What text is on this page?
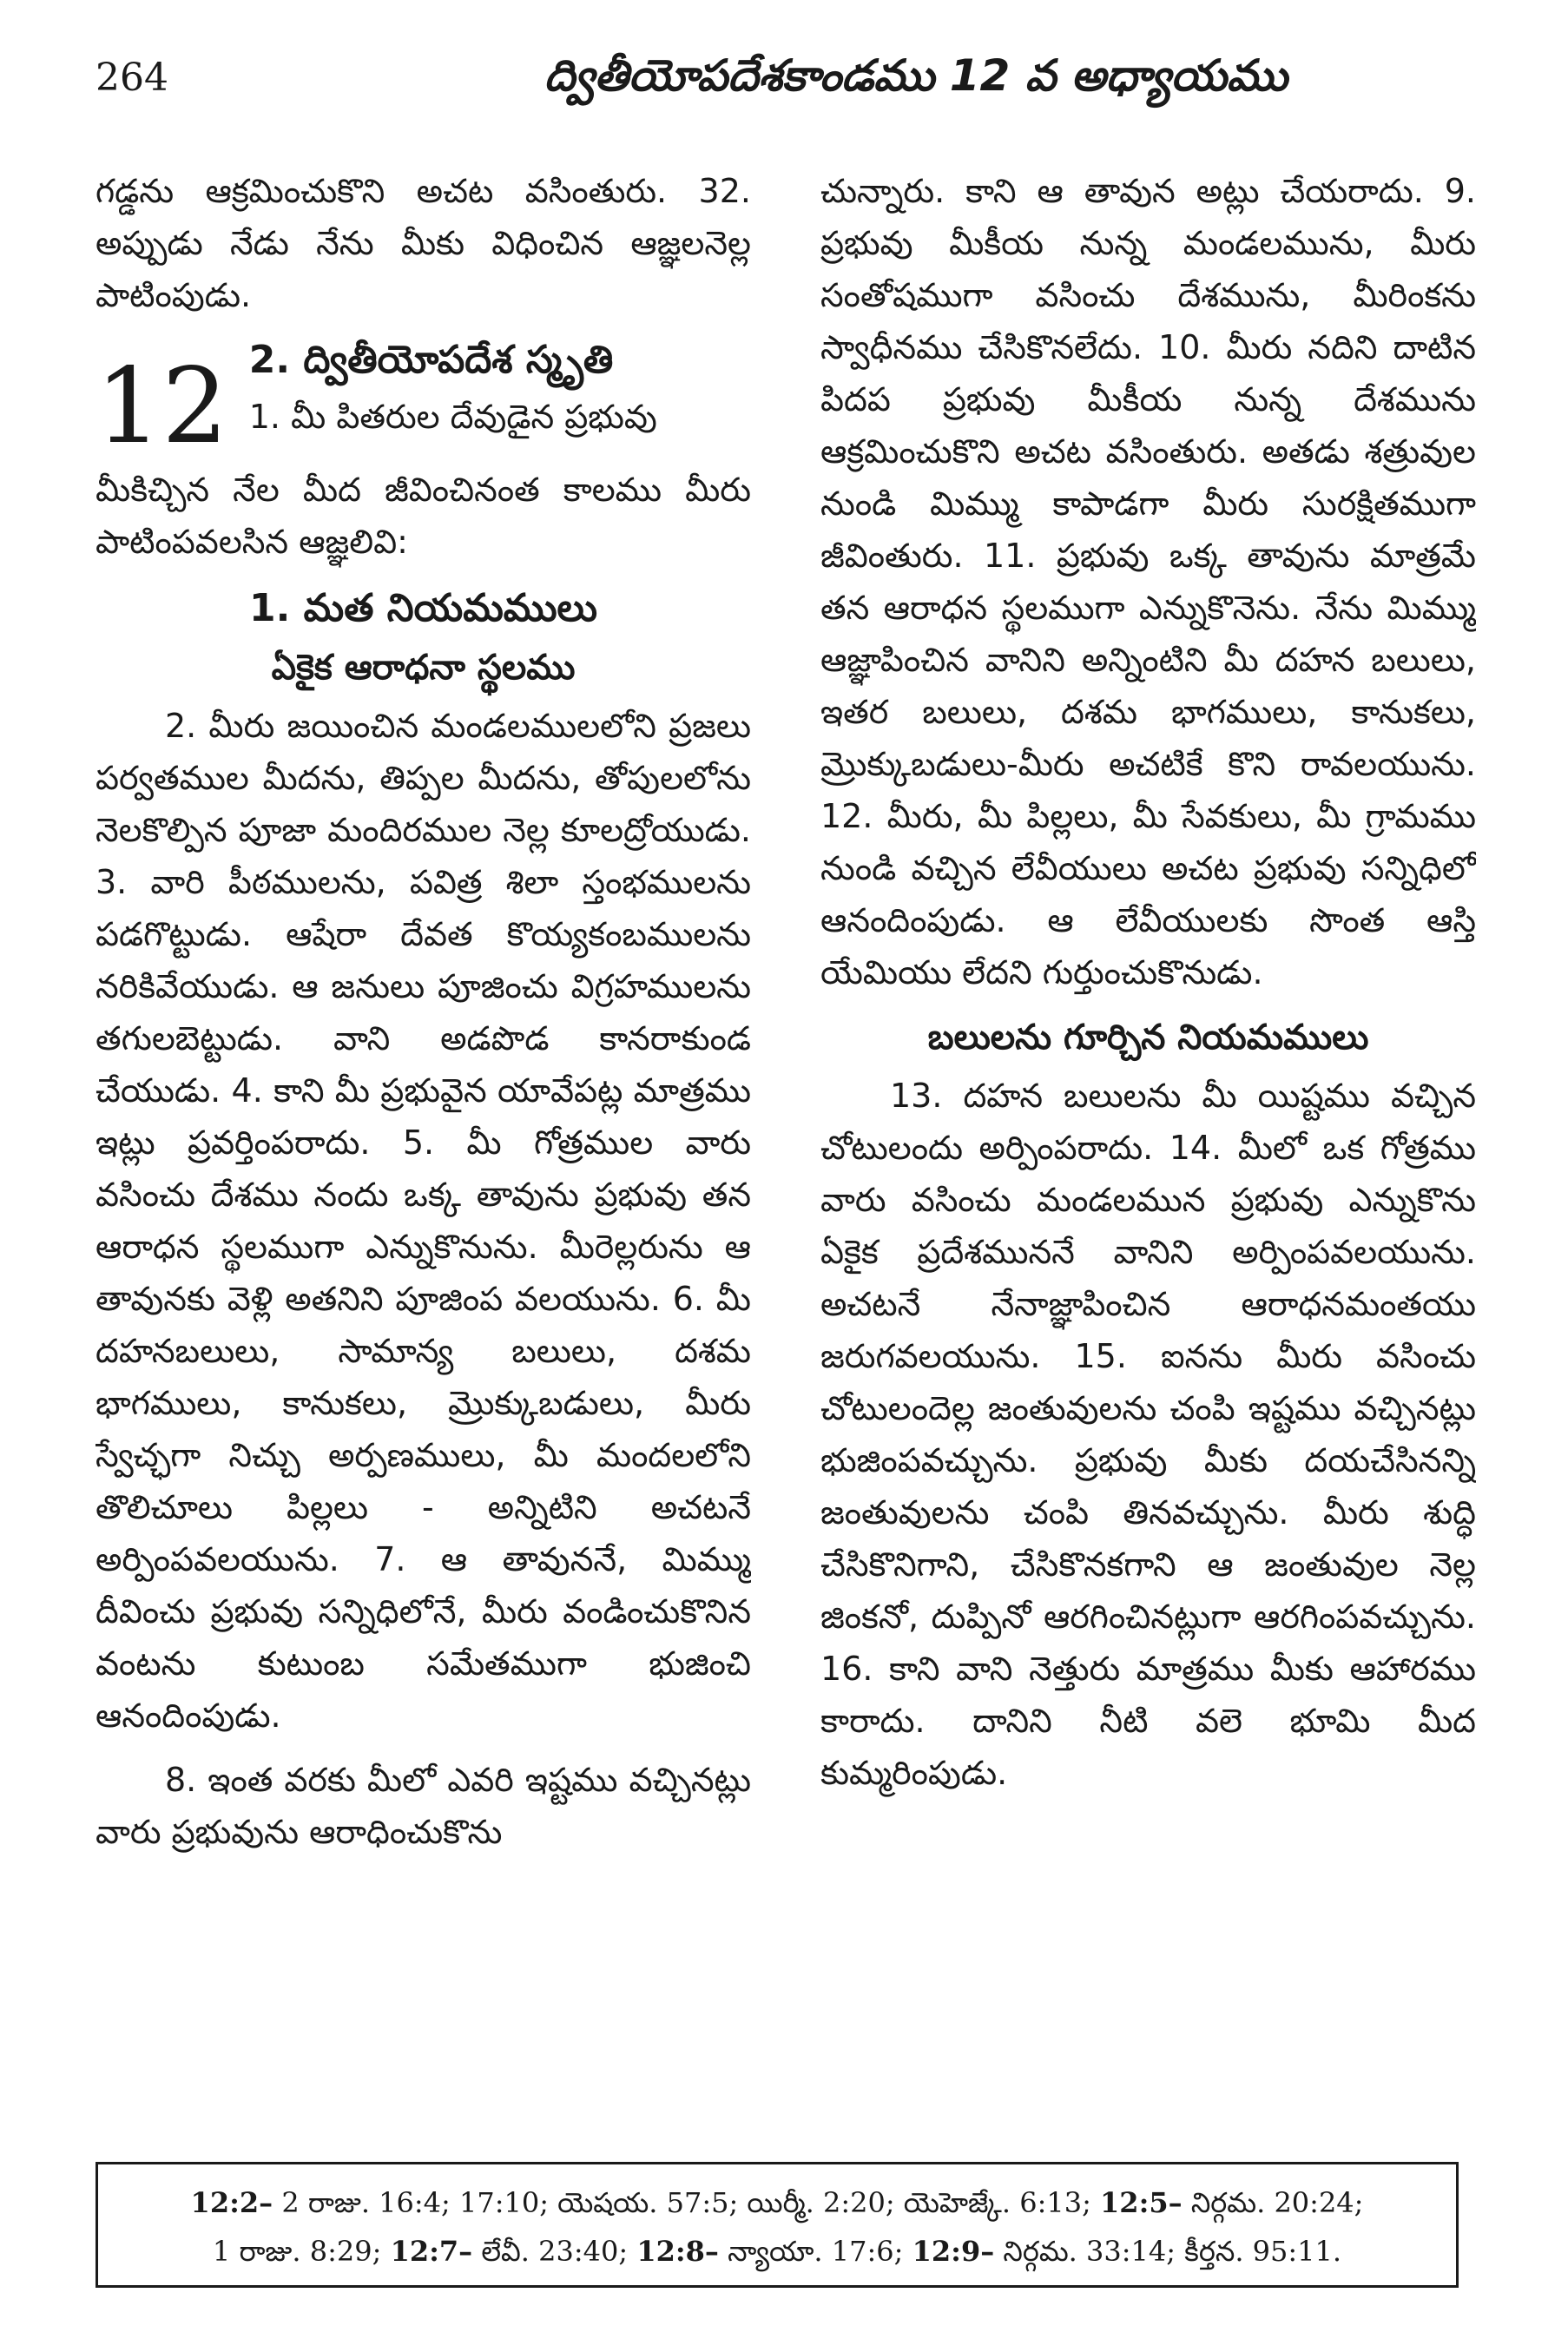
264	ద్వితీయోపదేశకాండము 12 వ అధ్యాయము

గడ్డను ఆక్రమించుకొని అచట వసింతురు. 32. అప్పుడు నేడు నేను మీకు విధించిన ఆజ్ఞలనెల్ల పాటింపుడు.

12 2. ద్వితీయోపదేశ స్మృతి

1. మీ పితరుల దేవుడైన ప్రభువు

మీకిచ్చిన నేల మీద జీవించినంత కాలము మీరు పాటింపవలసిన ఆజ్ఞలివి:

1. మత నియమములు

ఏకైక ఆరాధనా స్థలము

2. మీరు జయించిన మండలములలోని ప్రజలు పర్వతముల మీదను, తిప్పల మీదను, తోపులలోను నెలకొల్పిన పూజా మందిరముల నెల్ల కూలద్రోయుడు. 3. వారి పీఠములను, పవిత్ర శిలా స్తంభములను పడగొట్టుడు. ఆషేరా దేవత కొయ్యకంబములను నరికివేయుడు. ఆ జనులు పూజించు విగ్రహములను తగులబెట్టుడు. వాని అడపొడ కానరాకుండ చేయుడు. 4. కాని మీ ప్రభువైన యావేపట్ల మాత్రము ఇట్లు ప్రవర్తింపరాదు. 5. మీ గోత్రముల వారు వసించు దేశము నందు ఒక్క తావును ప్రభువు తన ఆరాధన స్థలముగా ఎన్నుకొనును. మీరెల్లరును ఆ తావునకు వెళ్లి అతనిని పూజింప వలయును. 6. మీ దహనబలులు, సామాన్య బలులు, దశమ భాగములు, కానుకలు, మ్రొక్కుబడులు, మీరు స్వేచ్ఛగా నిచ్చు అర్పణములు, మీ మందలలోని తొలిచూలు పిల్లలు - అన్నిటిని అచటనే అర్పింపవలయును. 7. ఆ తావుననే, మిమ్ము దీవించు ప్రభువు సన్నిధిలోనే, మీరు వండించుకొనిన వంటను కుటుంబ సమేతముగా భుజించి ఆనందింపుడు.

8. ఇంత వరకు మీలో ఎవరి ఇష్టము వచ్చినట్లు వారు ప్రభువును ఆరాధించుకొను

చున్నారు. కాని ఆ తావున అట్లు చేయరాదు. 9. ప్రభువు మీకీయ నున్న మండలమును, మీరు సంతోషముగా వసించు దేశమును, మీరింకను స్వాధీనము చేసికొనలేదు. 10. మీరు నదిని దాటిన పిదప ప్రభువు మీకీయ నున్న దేశమును ఆక్రమించుకొని అచట వసింతురు. అతడు శత్రువుల నుండి మిమ్ము కాపాడగా మీరు సురక్షితముగా జీవింతురు. 11. ప్రభువు ఒక్క తావును మాత్రమే తన ఆరాధన స్థలముగా ఎన్నుకొనెను. నేను మిమ్ము ఆజ్ఞాపించిన వానిని అన్నింటిని మీ దహన బలులు, ఇతర బలులు, దశమ భాగములు, కానుకలు, మ్రొక్కుబడులు-మీరు అచటికే కొని రావలయును. 12. మీరు, మీ పిల్లలు, మీ సేవకులు, మీ గ్రామము నుండి వచ్చిన లేవీయులు అచట ప్రభువు సన్నిధిలో ఆనందింపుడు. ఆ లేవీయులకు సొంత ఆస్తి యేమియు లేదని గుర్తుంచుకొనుడు.

బలులను గూర్చిన నియమములు

13. దహన బలులను మీ యిష్టము వచ్చిన చోటులందు అర్పింపరాదు. 14. మీలో ఒక గోత్రము వారు వసించు మండలమున ప్రభువు ఎన్నుకొను ఏకైక ప్రదేశముననే వానిని అర్పింపవలయును. అచటనే నేనాజ్ఞాపించిన ఆరాధనమంతయు జరుగవలయును. 15. ఐనను మీరు వసించు చోటులందెల్ల జంతువులను చంపి ఇష్టము వచ్చినట్లు భుజింపవచ్చును. ప్రభువు మీకు దయచేసినన్ని జంతువులను చంపి తినవచ్చును. మీరు శుద్ధి చేసికొనిగాని, చేసికొనకగాని ఆ జంతువుల నెల్ల జింకనో, దుప్పినో ఆరగించినట్లుగా ఆరగింపవచ్చును. 16. కాని వాని నెత్తురు మాత్రము మీకు ఆహారము కారాదు. దానిని నీటి వలె భూమి మీద కుమ్మరింపుడు.

12:2– 2 రాజు. 16:4; 17:10; యెషయ. 57:5; యిర్మీ. 2:20; యెహెజ్కే. 6:13; 12:5– నిర్గమ. 20:24;

1 రాజు. 8:29; 12:7– లేవీ. 23:40; 12:8– న్యాయా. 17:6; 12:9– నిర్గమ. 33:14; కీర్తన. 95:11.
